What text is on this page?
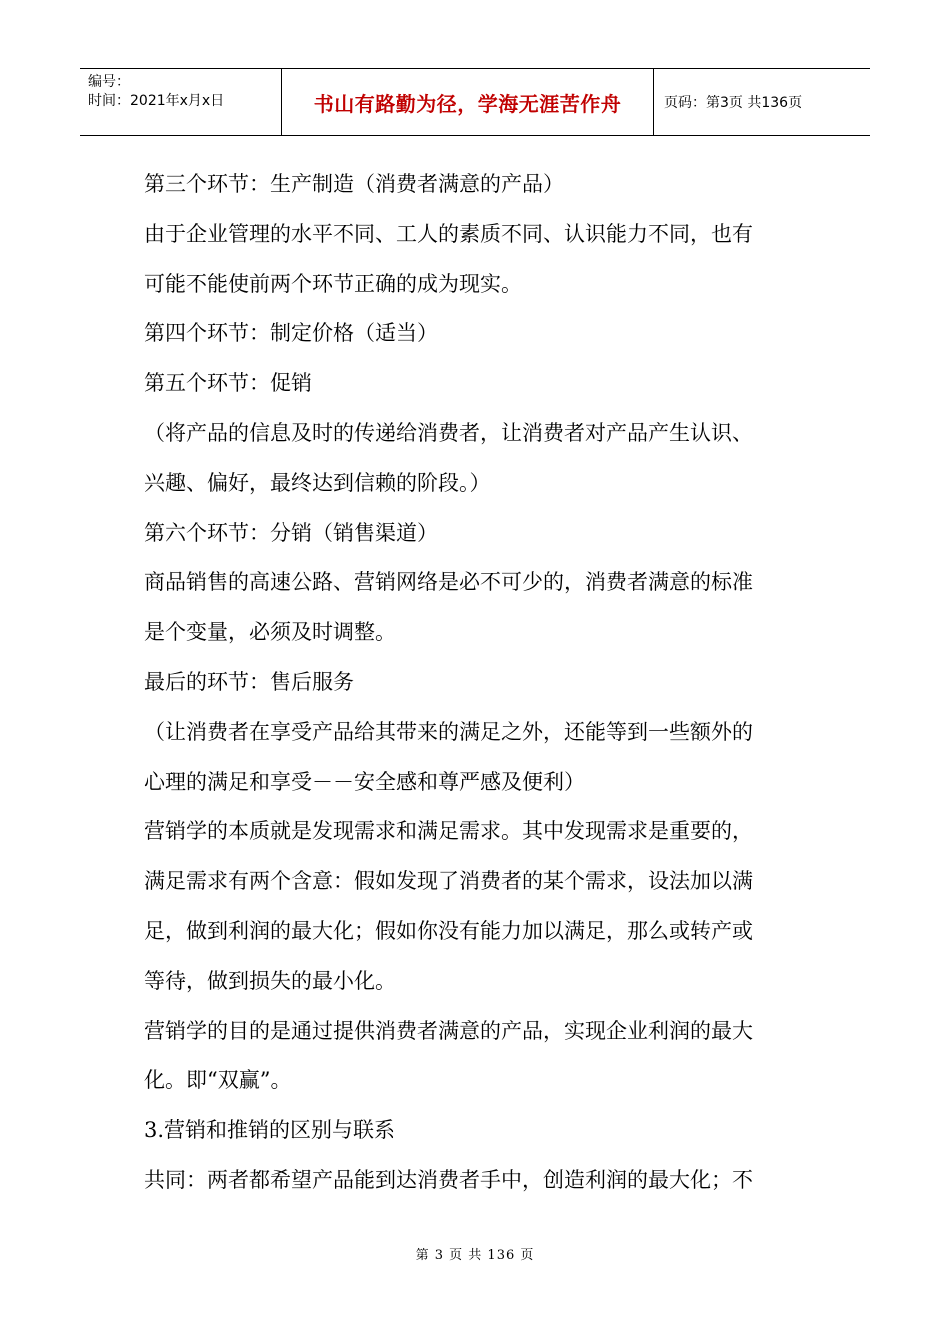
编号：
时间：2021年x月x日	书山有路勤为径，学海无涯苦作舟	页码：第3页 共136页
第三个环节：生产制造（消费者满意的产品）
由于企业管理的水平不同、工人的素质不同、认识能力不同，也有
可能不能使前两个环节正确的成为现实。
第四个环节：制定价格（适当）
第五个环节：促销
（将产品的信息及时的传递给消费者，让消费者对产品产生认识、
兴趣、偏好，最终达到信赖的阶段。）
第六个环节：分销（销售渠道）
商品销售的高速公路、营销网络是必不可少的，消费者满意的标准
是个变量，必须及时调整。
最后的环节：售后服务
（让消费者在享受产品给其带来的满足之外，还能等到一些额外的
心理的满足和享受－－安全感和尊严感及便利）
营销学的本质就是发现需求和满足需求。其中发现需求是重要的，
满足需求有两个含意：假如发现了消费者的某个需求，设法加以满
足，做到利润的最大化；假如你没有能力加以满足，那么或转产或
等待，做到损失的最小化。
营销学的目的是通过提供消费者满意的产品，实现企业利润的最大
化。即“双赢”。
3.营销和推销的区别与联系
共同：两者都希望产品能到达消费者手中，创造利润的最大化；不
第 3 页 共 136 页
